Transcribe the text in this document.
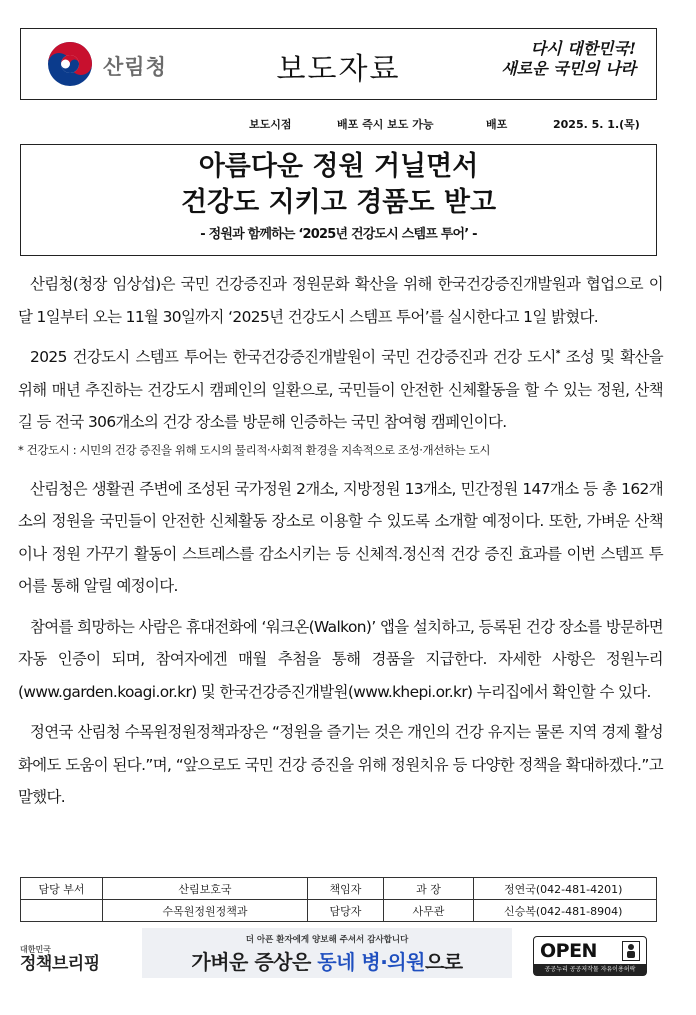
산림청	보도자료
다시 대한민국!
새로운 국민의 나라
보도시점	배포 즉시 보도 가능	배포	2025. 5. 1.(목)
아름다운 정원 거닐면서
건강도 지키고 경품도 받고
- 정원과 함께하는 ‘2025년 건강도시 스템프 투어’ -

산림청(청장 임상섭)은 국민 건강증진과 정원문화 확산을 위해 한국건강증진개발원과 협업으로 이달 1일부터 오는 11월 30일까지 ‘2025년 건강도시 스템프 투어’를 실시한다고 1일 밝혔다.

2025 건강도시 스템프 투어는 한국건강증진개발원이 국민 건강증진과 건강 도시* 조성 및 확산을 위해 매년 추진하는 건강도시 캠페인의 일환으로, 국민들이 안전한 신체활동을 할 수 있는 정원, 산책길 등 전국 306개소의 건강 장소를 방문해 인증하는 국민 참여형 캠페인이다.

* 건강도시 : 시민의 건강 증진을 위해 도시의 물리적·사회적 환경을 지속적으로 조성·개선하는 도시

산림청은 생활권 주변에 조성된 국가정원 2개소, 지방정원 13개소, 민간정원 147개소 등 총 162개소의 정원을 국민들이 안전한 신체활동 장소로 이용할 수 있도록 소개할 예정이다. 또한, 가벼운 산책이나 정원 가꾸기 활동이 스트레스를 감소시키는 등 신체적.정신적 건강 증진 효과를 이번 스템프 투어를 통해 알릴 예정이다.

참여를 희망하는 사람은 휴대전화에 ‘워크온(Walkon)’ 앱을 설치하고, 등록된 건강 장소를 방문하면 자동 인증이 되며, 참여자에겐 매월 추첨을 통해 경품을 지급한다. 자세한 사항은 정원누리(www.garden.koagi.or.kr) 및 한국건강증진개발원(www.khepi.or.kr) 누리집에서 확인할 수 있다.

정연국 산림청 수목원정원정책과장은 “정원을 즐기는 것은 개인의 건강 유지는 물론 지역 경제 활성화에도 도움이 된다.”며, “앞으로도 국민 건강 증진을 위해 정원치유 등 다양한 정책을 확대하겠다.”고 말했다.

담당 부서	산림보호국	책임자	과 장	정연국(042-481-4201)
	수목원정원정책과	담당자	사무관	신승복(042-481-8904)
대한민국
정책브리핑
더 아픈 환자에게 양보해 주셔서 감사합니다
가벼운 증상은 동네 병·의원으로	OPEN
공공누리 공공저작물 자유이용허락
